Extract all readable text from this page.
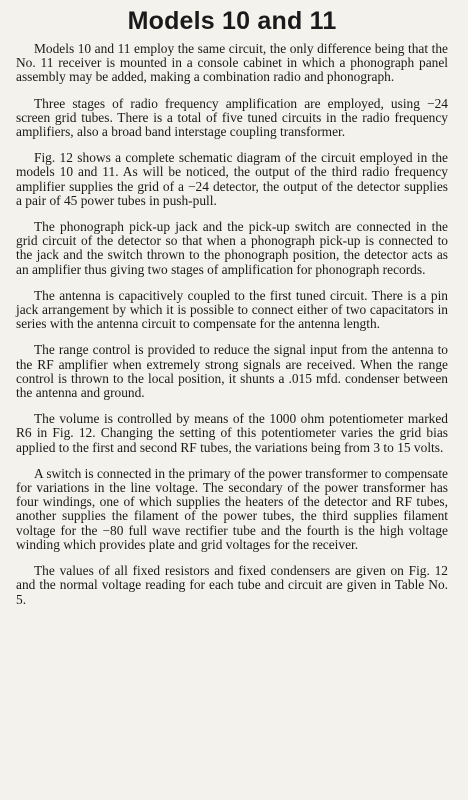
Models 10 and 11

Models 10 and 11 employ the same circuit, the only difference being that the No. 11 receiver is mounted in a console cabinet in which a phonograph panel assembly may be added, making a combination radio and phonograph.

Three stages of radio frequency amplification are employed, using −24 screen grid tubes. There is a total of five tuned circuits in the radio frequency amplifiers, also a broad band interstage coupling transformer.

Fig. 12 shows a complete schematic diagram of the circuit employed in the models 10 and 11. As will be noticed, the output of the third radio frequency amplifier supplies the grid of a −24 detector, the output of the detector supplies a pair of 45 power tubes in push-pull.

The phonograph pick-up jack and the pick-up switch are connected in the grid circuit of the detector so that when a phonograph pick-up is connected to the jack and the switch thrown to the phonograph position, the detector acts as an amplifier thus giving two stages of amplification for phonograph records.

The antenna is capacitively coupled to the first tuned circuit. There is a pin jack arrangement by which it is possible to connect either of two capacitators in series with the antenna circuit to compensate for the antenna length.

The range control is provided to reduce the signal input from the antenna to the RF amplifier when extremely strong signals are received. When the range control is thrown to the local position, it shunts a .015 mfd. condenser between the antenna and ground.

The volume is controlled by means of the 1000 ohm potentiometer marked R6 in Fig. 12. Changing the setting of this potentiometer varies the grid bias applied to the first and second RF tubes, the variations being from 3 to 15 volts.

A switch is connected in the primary of the power transformer to compensate for variations in the line voltage. The secondary of the power transformer has four windings, one of which supplies the heaters of the detector and RF tubes, another supplies the filament of the power tubes, the third supplies filament voltage for the −80 full wave rectifier tube and the fourth is the high voltage winding which provides plate and grid voltages for the receiver.

The values of all fixed resistors and fixed condensers are given on Fig. 12 and the normal voltage reading for each tube and circuit are given in Table No. 5.
